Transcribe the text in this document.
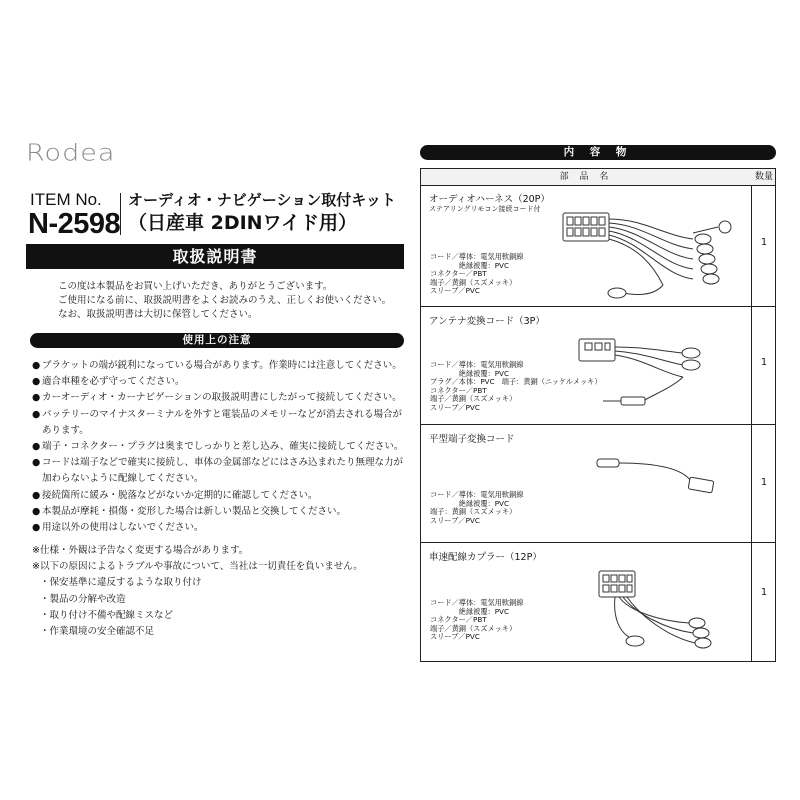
Rodea
ITEM No.
N-2598
オーディオ・ナビゲーション取付キット
（日産車 2DINワイド用）
取扱説明書
この度は本製品をお買い上げいただき、ありがとうございます。
ご使用になる前に、取扱説明書をよくお読みのうえ、正しくお使いください。
なお、取扱説明書は大切に保管してください。
使用上の注意
● ブラケットの端が鋭利になっている場合があります。作業時には注意してください。
● 適合車種を必ず守ってください。
● カーオーディオ・カーナビゲーションの取扱説明書にしたがって接続してください。
● バッテリーのマイナスターミナルを外すと電装品のメモリーなどが消去される場合が
あります。
● 端子・コネクター・プラグは奥までしっかりと差し込み、確実に接続してください。
● コードは端子などで確実に接続し、車体の金属部などにはさみ込まれたり無理な力が
加わらないように配線してください。
● 接続箇所に緩み・脱落などがないか定期的に確認してください。
● 本製品が摩耗・損傷・変形した場合は新しい製品と交換してください。
● 用途以外の使用はしないでください。
※仕様・外観は予告なく変更する場合があります。
※以下の原因によるトラブルや事故について、当社は一切責任を負いません。
・保安基準に違反するような取り付け
・製品の分解や改造
・取り付け不備や配線ミスなど
・作業環境の安全確認不足
内 容 物
部 品 名	数量
オーディオハーネス（20P）
ステアリングリモコン接続コード付
コード／導体：電気用軟銅線
　　　　絶縁被覆：PVC
コネクター／PBT
端子／黄銅（スズメッキ）
スリーブ／PVC
1
アンテナ変換コード（3P）
コード／導体：電気用軟銅線
　　　　絶縁被覆：PVC
プラグ／本体：PVC　端子：黄銅（ニッケルメッキ）
コネクター／PBT
端子／黄銅（スズメッキ）
スリーブ／PVC
1
平型端子変換コード
コード／導体：電気用軟銅線
　　　　絶縁被覆：PVC
端子：黄銅（スズメッキ）
スリーブ／PVC
1
車速配線カプラー（12P）
コード／導体：電気用軟銅線
　　　　絶縁被覆：PVC
コネクター／PBT
端子／黄銅（スズメッキ）
スリーブ／PVC
1
